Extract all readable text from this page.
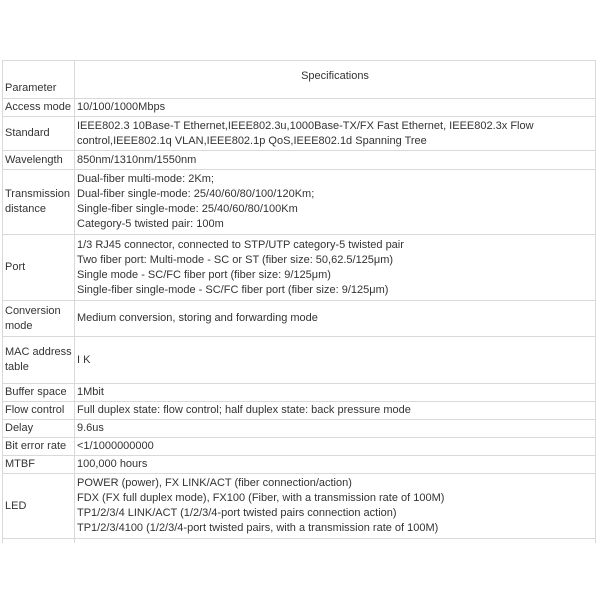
Parameter	Specifications
Access mode	10/100/1000Mbps

Standard	IEEE802.3 10Base-T Ethernet,IEEE802.3u,1000Base-TX/FX Fast Ethernet, IEEE802.3x Flow
control,IEEE802.1q VLAN,IEEE802.1p QoS,IEEE802.1d Spanning Tree

Wavelength	850nm/1310nm/1550nm

Transmission distance	Dual-fiber multi-mode: 2Km;
Dual-fiber single-mode: 25/40/60/80/100/120Km;
Single-fiber single-mode: 25/40/60/80/100Km
Category-5 twisted pair: 100m

Port	1/3 RJ45 connector, connected to STP/UTP category-5 twisted pair
Two fiber port: Multi-mode - SC or ST (fiber size: 50,62.5/125μm)
Single mode - SC/FC fiber port (fiber size: 9/125μm)
Single-fiber single-mode - SC/FC fiber port (fiber size: 9/125μm)

Conversion mode	Medium conversion, storing and forwarding mode

MAC address table	I K

Buffer space	1Mbit

Flow control	Full duplex state: flow control; half duplex state: back pressure mode

Delay	9.6us

Bit error rate	<1/1000000000

MTBF	100,000 hours

LED	POWER (power), FX LINK/ACT (fiber connection/action)
FDX (FX full duplex mode), FX100 (Fiber, with a transmission rate of 100M)
TP1/2/3/4 LINK/ACT (1/2/3/4-port twisted pairs connection action)
TP1/2/3/4100 (1/2/3/4-port twisted pairs, with a transmission rate of 100M)
